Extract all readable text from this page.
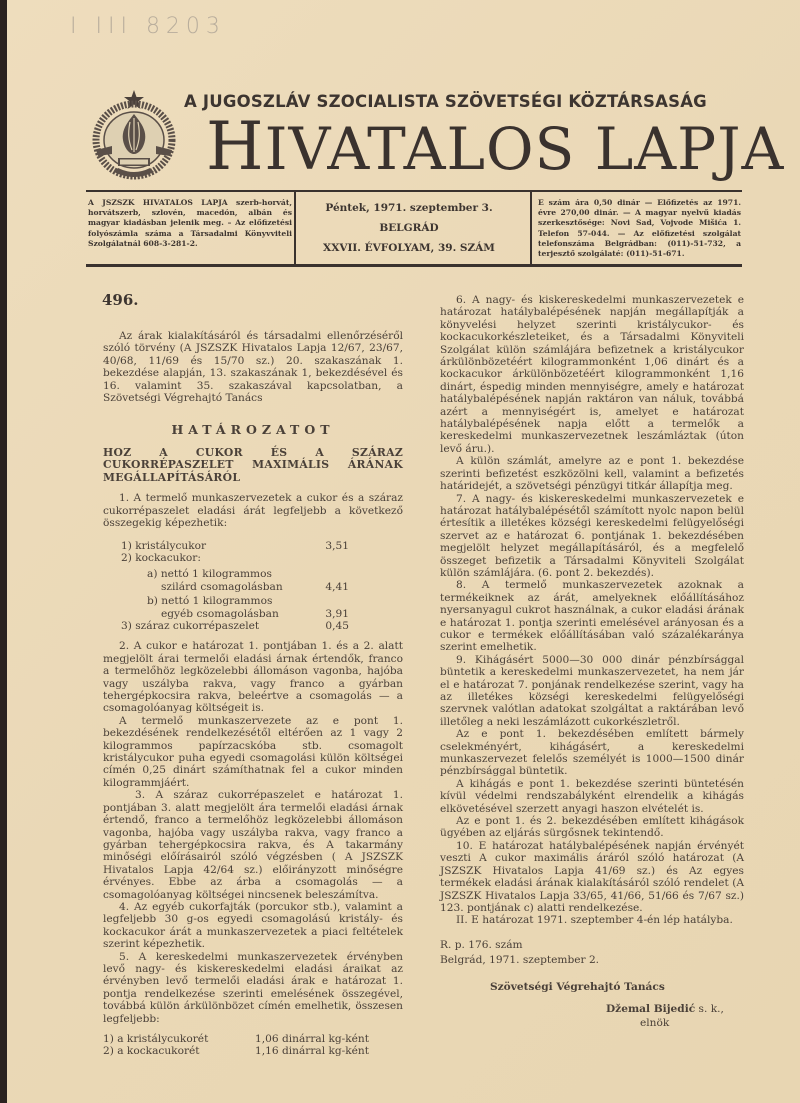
I III 8203
A JUGOSZLÁV SZOCIALISTA SZÖVETSÉGI KÖZTÁRSASÁG
HIVATALOS LAPJA
A JSZSZK HIVATALOS LAPJA szerb-horvát, horvátszerb, szlovén, macedón, albán és magyar kiadásban jelenik meg. – Az előfizetési folyószámla száma a Társadalmi Könyvviteli Szolgálatnál 608-3-281-2.
Péntek, 1971. szeptember 3.
BELGRÁD
XXVII. ÉVFOLYAM, 39. SZÁM
E szám ára 0,50 dinár — Előfizetés az 1971. évre 270,00 dinár. — A magyar nyelvű kiadás szerkesztősége: Novi Sad, Vojvode Mišića 1. Telefon 57-044. — Az előfizetési szolgálat telefonszáma Belgrádban: (011)-51-732, a terjesztő szolgálaté: (011)-51-671.
496.

Az árak kialakításáról és társadalmi ellenőrzéséről szóló törvény (A JSZSZK Hivatalos Lapja 12/67, 23/67, 40/68, 11/69 és 15/70 sz.) 20. szakaszának 1. bekezdése alapján, 13. szakaszának 1, bekezdésével és 16. valamint 35. szakaszával kapcsolatban, a Szövetségi Végrehajtó Tanács

HATÁROZATOT

HOZ A CUKOR ÉS A SZÁRAZ CUKORRÉPASZELET MAXIMÁLIS ÁRÁNAK MEGÁLLAPÍTÁSÁRÓL

1. A termelő munkaszervezetek a cukor és a száraz cukorrépaszelet eladási árát legfeljebb a következő összegekig képezhetik:

1) kristálycukor	3,51
2) kockacukor:
a) nettó 1 kilogrammos
szilárd csomagolásban	4,41
b) nettó 1 kilogrammos
egyéb csomagolásban	3,91
3) száraz cukorrépaszelet	0,45

2. A cukor e határozat 1. pontjában 1. és a 2. alatt megjelölt árai termelői eladási árnak értendők, franco a termelőhöz legközelebbi állomáson vagonba, hajóba vagy uszályba rakva, vagy franco a gyárban tehergépkocsira rakva, beleértve a csomagolás — a csomagolóanyag költségeit is.

A termelő munkaszervezete az e pont 1. bekezdésének rendelkezésétől eltérően az 1 vagy 2 kilogrammos papírzacskóba stb. csomagolt kristálycukor puha egyedi csomagolási külön költségei címén 0,25 dinárt számíthatnak fel a cukor minden kilogrammjáért.

3. A száraz cukorrépaszelet e határozat 1. pontjában 3. alatt megjelölt ára termelői eladási árnak értendő, franco a termelőhöz legközelebbi állomáson vagonba, hajóba vagy uszályba rakva, vagy franco a gyárban tehergépkocsira rakva, és A takarmány minőségi előírásairól szóló végzésben ( A JSZSZK Hivatalos Lapja 42/64 sz.) előirányzott minőségre érvényes. Ebbe az árba a csomagolás — a csomagolóanyag költségei nincsenek beleszámítva.

4. Az egyéb cukorfajták (porcukor stb.), valamint a legfeljebb 30 g-os egyedi csomagolású kristály- és kockacukor árát a munkaszervezetek a piaci feltételek szerint képezhetik.

5. A kereskedelmi munkaszervezetek érvényben levő nagy- és kiskereskedelmi eladási áraikat az érvényben levő termelői eladási árak e határozat 1. pontja rendelkezése szerinti emelésének összegével, továbbá külön árkülönbözet címén emelhetik, összesen legfeljebb:

1) a kristálycukorét	1,06 dinárral kg-ként
2) a kockacukorét	1,16 dinárral kg-ként

6. A nagy- és kiskereskedelmi munkaszervezetek e határozat hatálybalépésének napján megállapítják a könyvelési helyzet szerinti kristálycukor- és kockacukorkészleteiket, és a Társadalmi Könyviteli Szolgálat külön számlájára befizetnek a kristálycukor árkülönbözetéért kilogrammonként 1,06 dinárt és a kockacukor árkülönbözetéért kilogrammonként 1,16 dinárt, éspedig minden mennyiségre, amely e határozat hatálybalépésének napján raktáron van náluk, továbbá azért a mennyiségért is, amelyet e határozat hatálybalépésének napja előtt a termelők a kereskedelmi munkaszervezetnek leszámláztak (úton levő áru.).

A külön számlát, amelyre az e pont 1. bekezdése szerinti befizetést eszközölni kell, valamint a befizetés határidejét, a szövetségi pénzügyi titkár állapítja meg.

7. A nagy- és kiskereskedelmi munkaszervezetek e határozat hatálybalépésétől számított nyolc napon belül értesítik a illetékes községi kereskedelmi felügyelőségi szervet az e határozat 6. pontjának 1. bekezdésében megjelölt helyzet megállapításáról, és a megfelelő összeget befizetik a Társadalmi Könyviteli Szolgálat külön számlájára. (6. pont 2. bekezdés).

8. A termelő munkaszervezetek azoknak a termékeiknek az árát, amelyeknek előállításához nyersanyagul cukrot használnak, a cukor eladási árának e határozat 1. pontja szerinti emelésével arányosan és a cukor e termékek előállításában való százalékaránya szerint emelhetik.

9. Kihágásért 5000—30 000 dinár pénzbírsággal büntetik a kereskedelmi munkaszervezetet, ha nem jár el e határozat 7. ponjának rendelkezése szerint, vagy ha az illetékes községi kereskedelmi felügyelőségi szervnek valótlan adatokat szolgáltat a raktárában levő illetőleg a neki leszámlázott cukorkészletről.

Az e pont 1. bekezdésében említett bármely cselekményért, kihágásért, a kereskedelmi munkaszervezet felelős személyét is 1000—1500 dinár pénzbírsággal büntetik.

A kihágás e pont 1. bekezdése szerinti büntetésén kívül védelmi rendszabályként elrendelik a kihágás elkövetésével szerzett anyagi haszon elvételét is.

Az e pont 1. és 2. bekezdésében említett kihágások ügyében az eljárás sürgősnek tekintendő.

10. E határozat hatálybalépésének napján érvényét veszti A cukor maximális áráról szóló határozat (A JSZSZK Hivatalos Lapja 41/69 sz.) és Az egyes termékek eladási árának kialakításáról szóló rendelet (A JSZSZK Hivatalos Lapja 33/65, 41/66, 51/66 és 7/67 sz.) 123. pontjának c) alatti rendelkezése.

II. E határozat 1971. szeptember 4-én lép hatályba.

R. p. 176. szám

Belgrád, 1971. szeptember 2.

Szövetségi Végrehajtó Tanács

Džemal Bijedić s. k.,

elnök
